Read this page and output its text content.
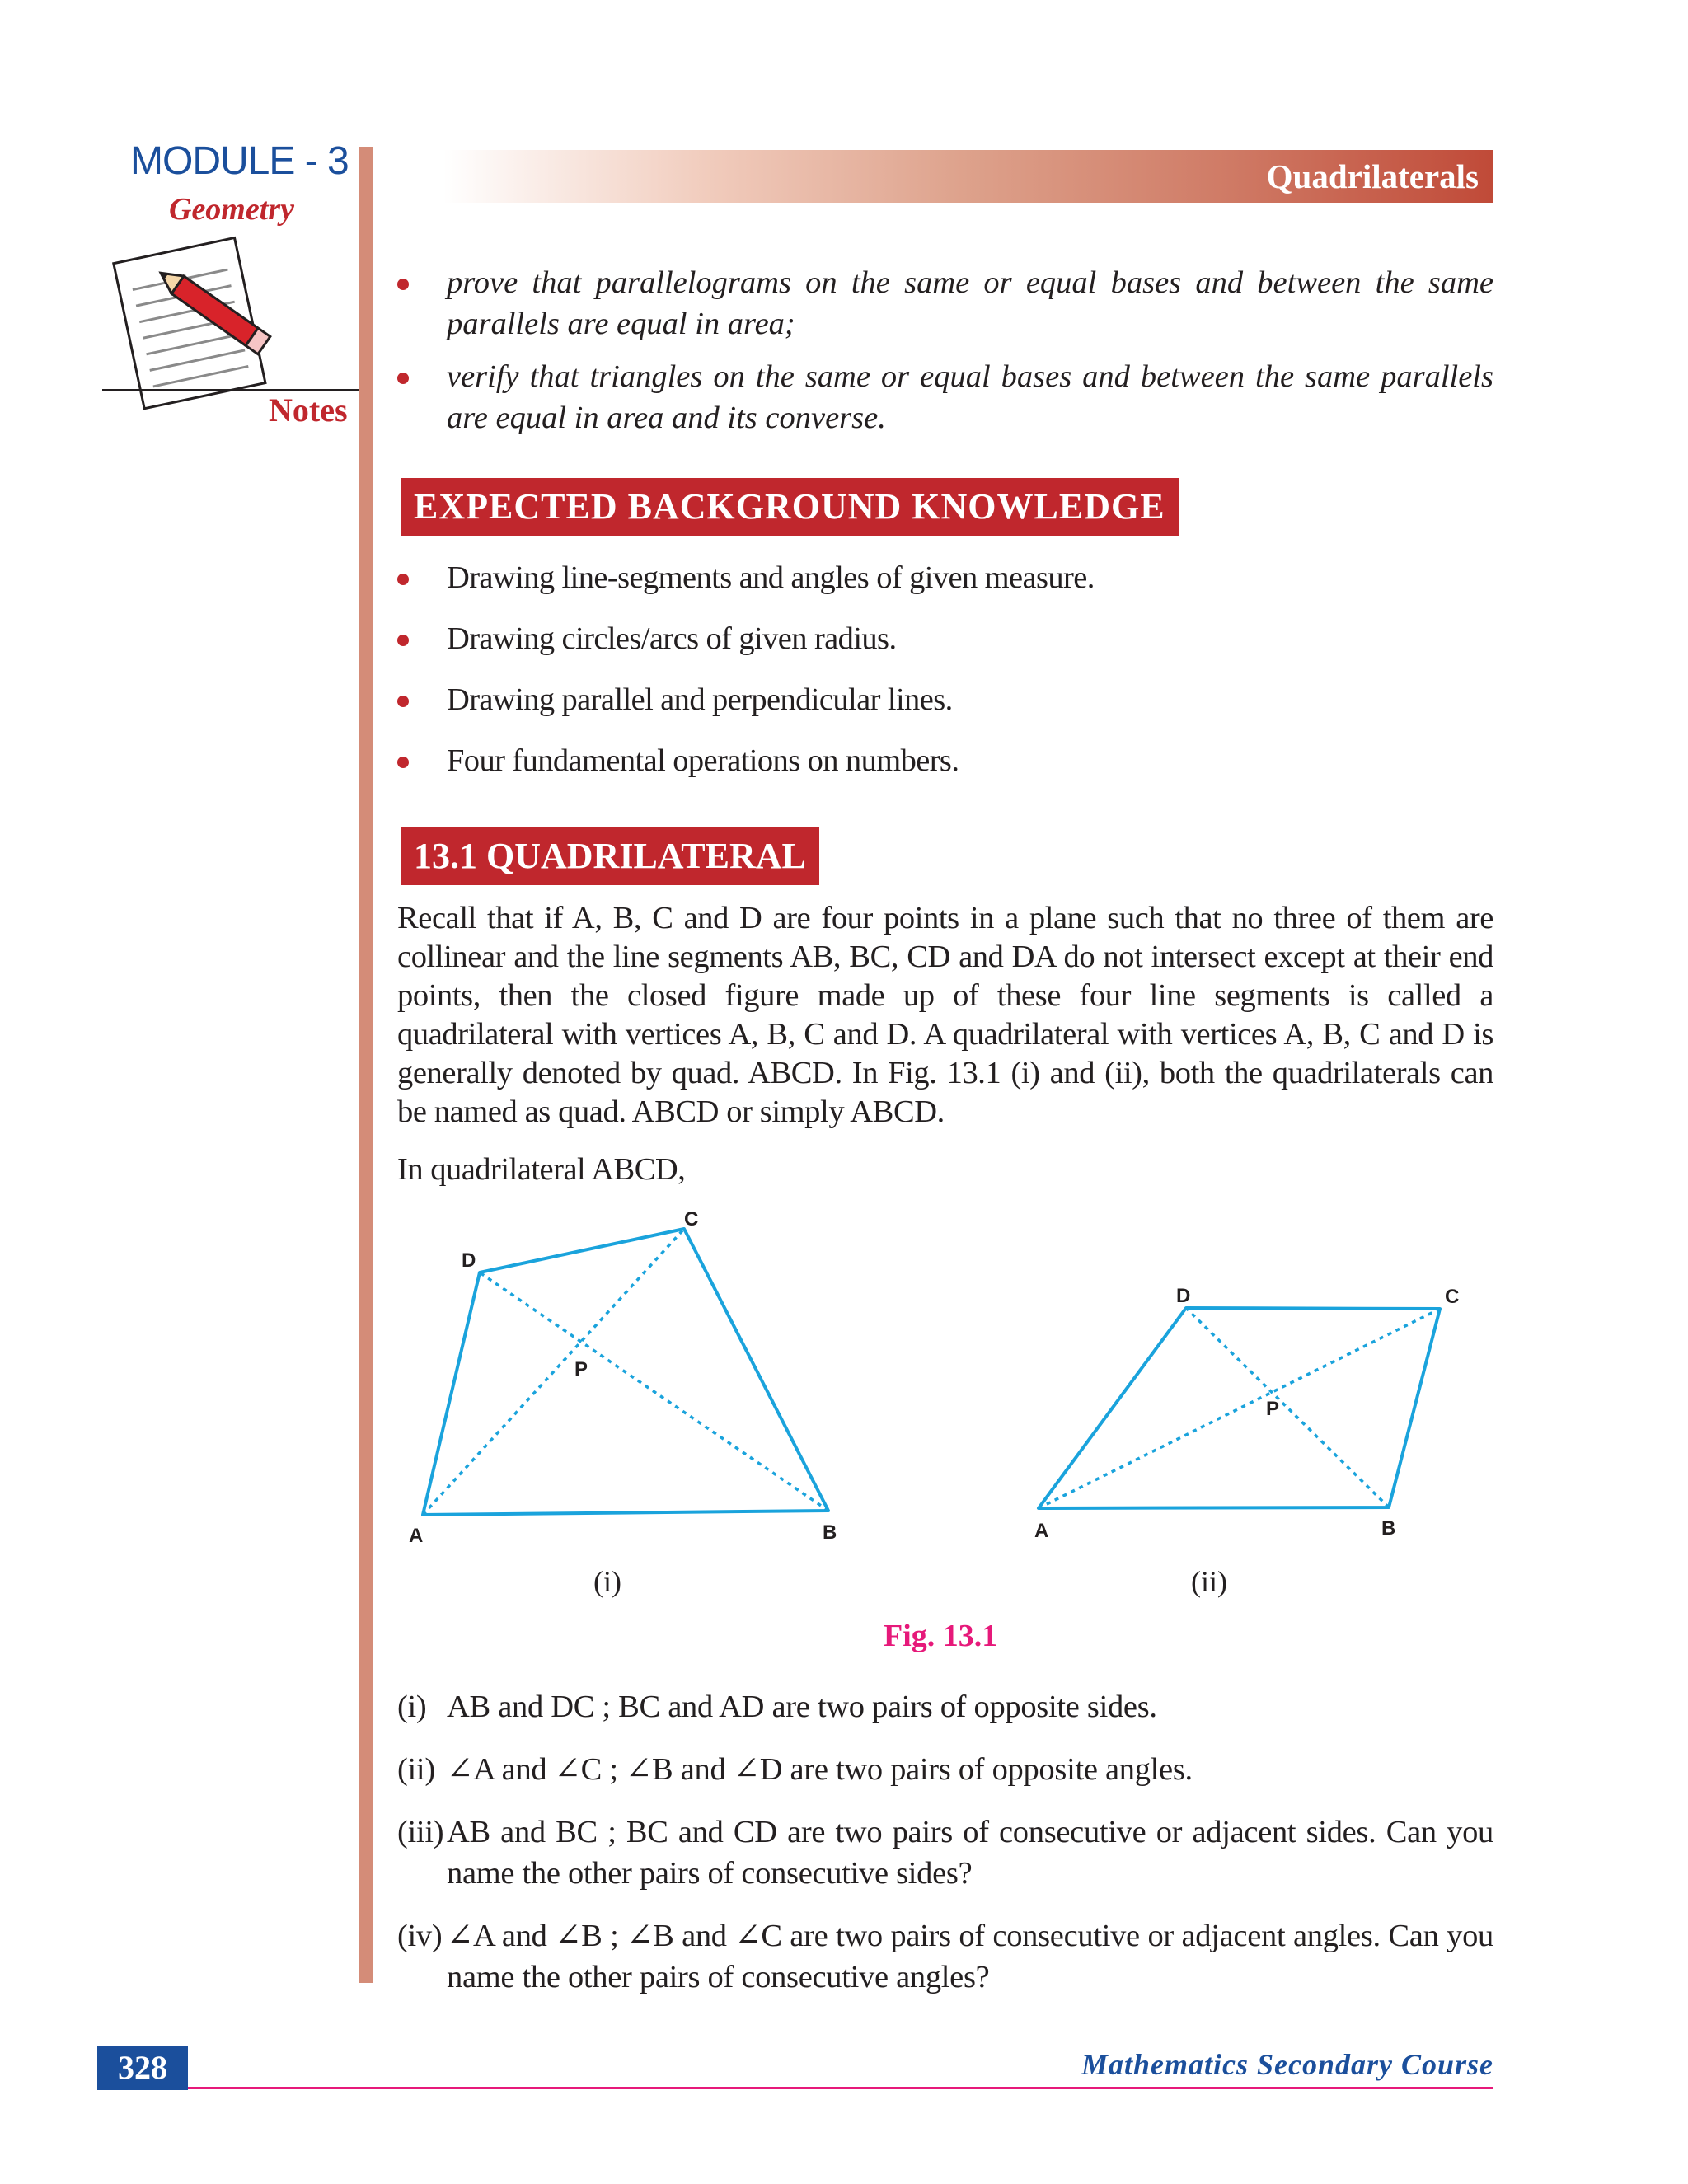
MODULE - 3
Geometry
Notes
Quadrilaterals
prove that parallelograms on the same or equal bases and between the same parallels are equal in area;
verify that triangles on the same or equal bases and between the same parallels are equal in area and its converse.
EXPECTED BACKGROUND KNOWLEDGE
Drawing line-segments and angles of given measure.
Drawing circles/arcs of given radius.
Drawing parallel and perpendicular lines.
Four fundamental operations on numbers.
13.1 QUADRILATERAL

Recall that if A, B, C and D are four points in a plane such that no three of them are collinear and the line segments AB, BC, CD and DA do not intersect except at their end points, then the closed figure made up of these four line segments is called a quadrilateral with vertices A, B, C and D. A quadrilateral with vertices A, B, C and D is generally denoted by quad. ABCD. In Fig. 13.1 (i) and (ii), both the quadrilaterals can be named as quad. ABCD or simply ABCD.

In quadrilateral ABCD,
A	B
C
D
P
(i)
A	B
C
D
P
(ii)
Fig. 13.1
(i) AB and DC ; BC and AD are two pairs of opposite sides.
(ii) ∠A and ∠C ; ∠B and ∠D are two pairs of opposite angles.
(iii) AB and BC ; BC and CD are two pairs of consecutive or adjacent sides. Can you name the other pairs of consecutive sides?
(iv) ∠A and ∠B ; ∠B and ∠C are two pairs of consecutive or adjacent angles. Can you name the other pairs of consecutive angles?
328	Mathematics Secondary Course
